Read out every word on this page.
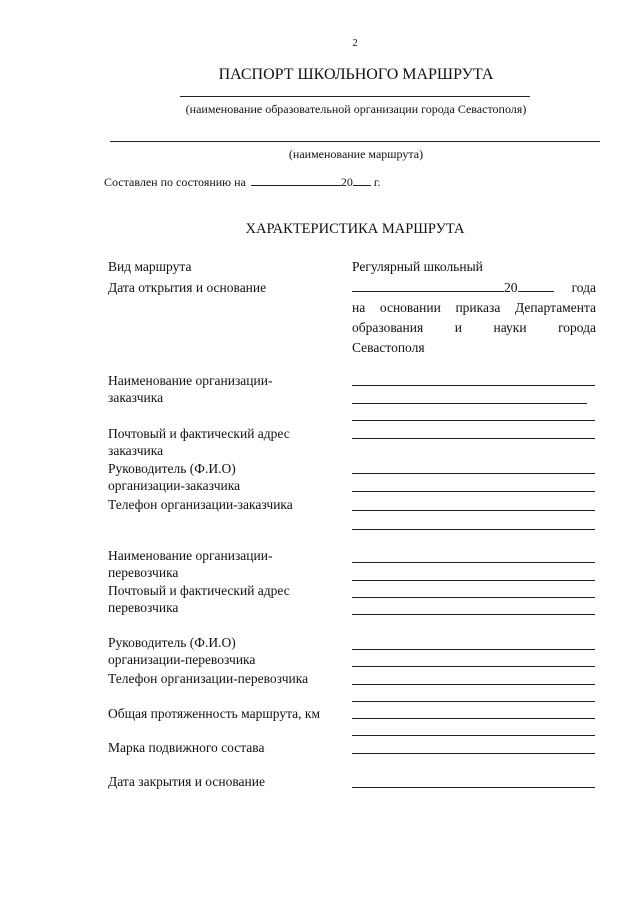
2
ПАСПОРТ ШКОЛЬНОГО МАРШРУТА
(наименование образовательной организации города Севастополя)
(наименование маршрута)
Составлен по состоянию на	20 г.
ХАРАКТЕРИСТИКА МАРШРУТА
Вид маршрута	Регулярный школьный
Дата открытия и основание	20	года
на основании приказа Департамента
образования и науки города
Севастополя
Наименование организации-
заказчика
Почтовый и фактический адрес
заказчика
Руководитель (Ф.И.О)
организации-заказчика
Телефон организации-заказчика
Наименование организации-
перевозчика
Почтовый и фактический адрес
перевозчика
Руководитель (Ф.И.О)
организации-перевозчика
Телефон организации-перевозчика
Общая протяженность маршрута, км
Марка подвижного состава
Дата закрытия и основание
